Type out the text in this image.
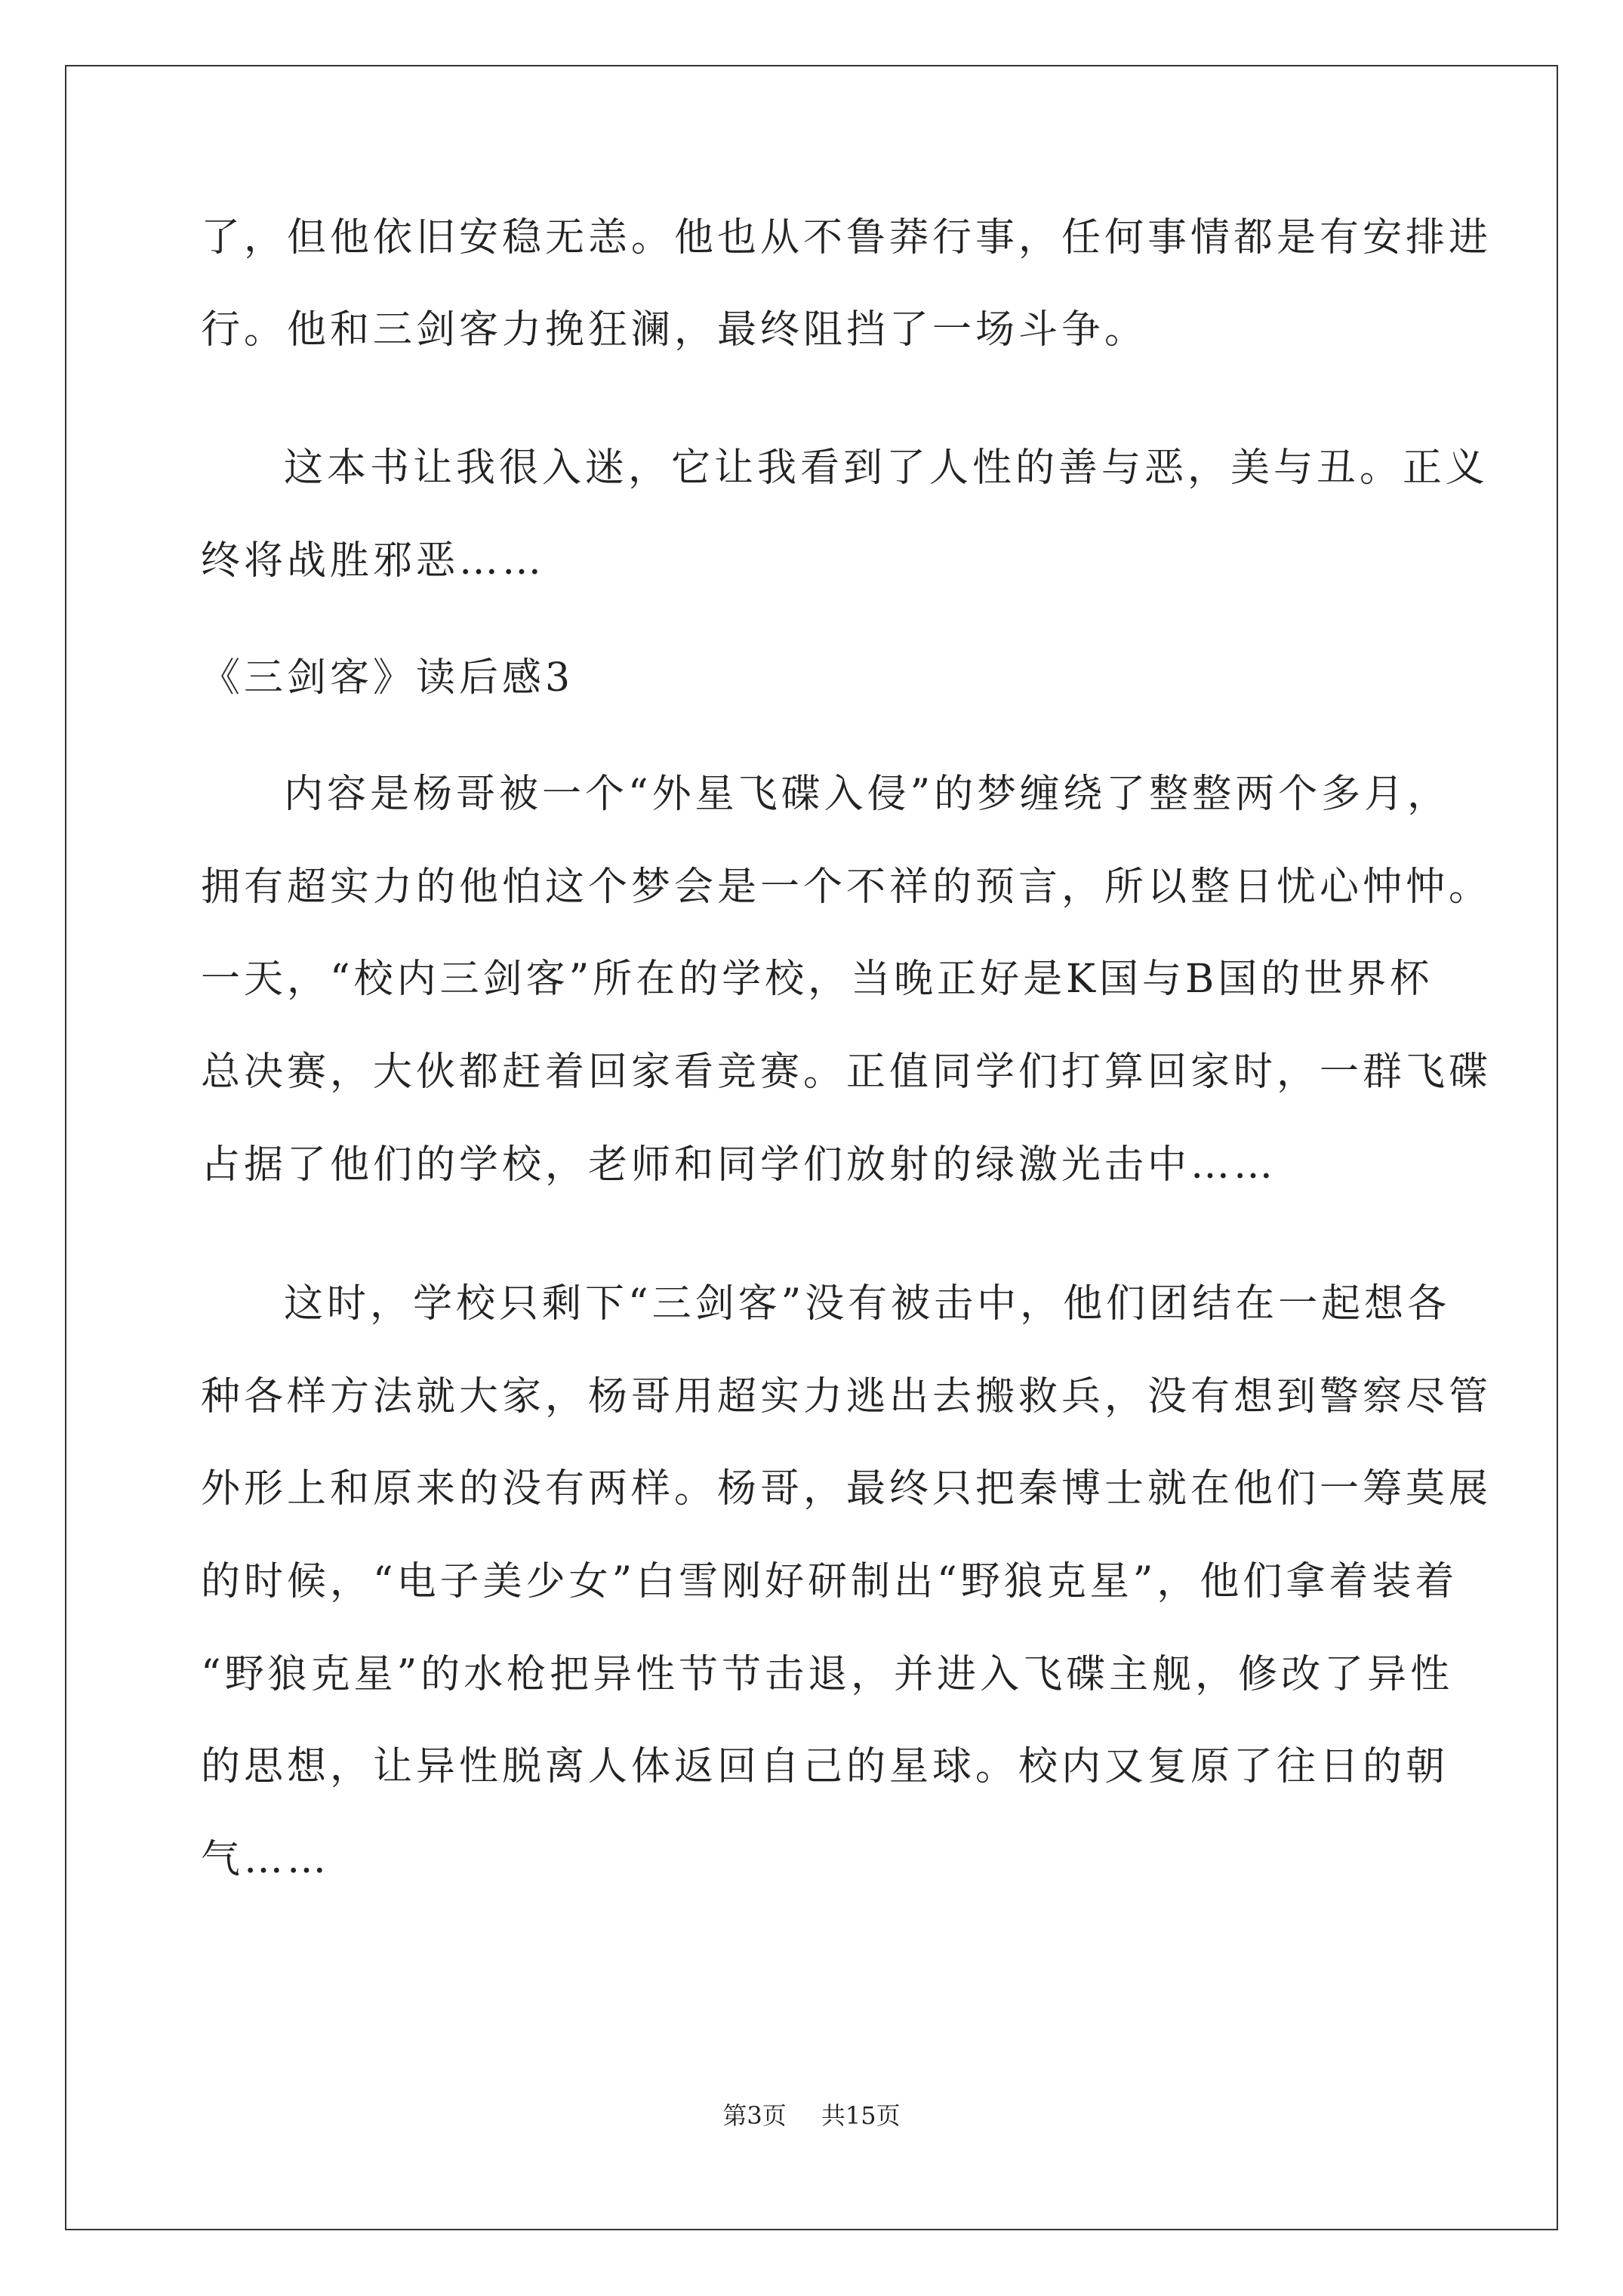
了，但他依旧安稳无恙。他也从不鲁莽行事，任何事情都是有安排进
行。他和三剑客力挽狂澜，最终阻挡了一场斗争。
这本书让我很入迷，它让我看到了人性的善与恶，美与丑。正义
终将战胜邪恶……
《三剑客》读后感3
内容是杨哥被一个“外星飞碟入侵”的梦缠绕了整整两个多月，
拥有超实力的他怕这个梦会是一个不祥的预言，所以整日忧心忡忡。
一天，“校内三剑客”所在的学校，当晚正好是K国与B国的世界杯
总决赛，大伙都赶着回家看竞赛。正值同学们打算回家时，一群飞碟
占据了他们的学校，老师和同学们放射的绿激光击中……
这时，学校只剩下“三剑客”没有被击中，他们团结在一起想各
种各样方法就大家，杨哥用超实力逃出去搬救兵，没有想到警察尽管
外形上和原来的没有两样。杨哥，最终只把秦博士就在他们一筹莫展
的时候，“电子美少女”白雪刚好研制出“野狼克星”，他们拿着装着
“野狼克星”的水枪把异性节节击退，并进入飞碟主舰，修改了异性
的思想，让异性脱离人体返回自己的星球。校内又复原了往日的朝
气……
第3页 共15页
